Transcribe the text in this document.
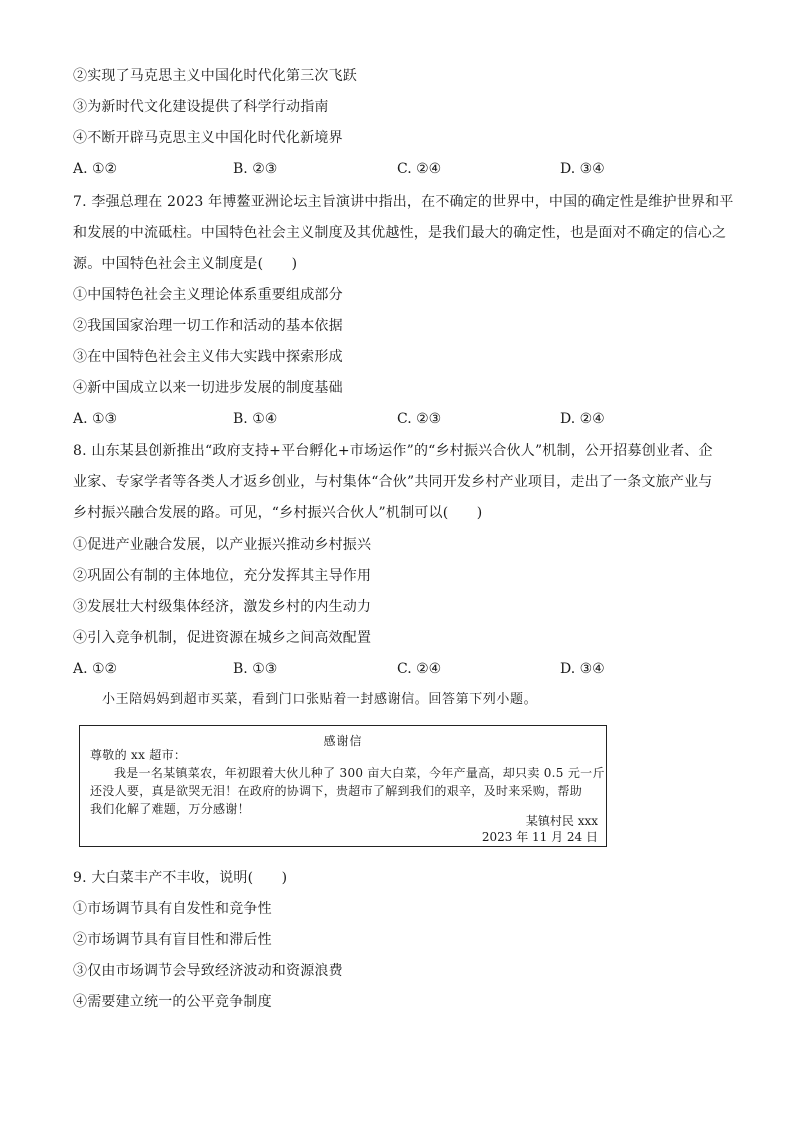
②实现了马克思主义中国化时代化第三次飞跃
③为新时代文化建设提供了科学行动指南
④不断开辟马克思主义中国化时代化新境界
A. ①②	B. ②③	C. ②④	D. ③④
7. 李强总理在 2023 年博鳌亚洲论坛主旨演讲中指出，在不确定的世界中，中国的确定性是维护世界和平
和发展的中流砥柱。中国特色社会主义制度及其优越性，是我们最大的确定性，也是面对不确定的信心之
源。中国特色社会主义制度是(　　)
①中国特色社会主义理论体系重要组成部分
②我国国家治理一切工作和活动的基本依据
③在中国特色社会主义伟大实践中探索形成
④新中国成立以来一切进步发展的制度基础
A. ①③	B. ①④	C. ②③	D. ②④
8. 山东某县创新推出“政府支持+平台孵化+市场运作”的“乡村振兴合伙人”机制，公开招募创业者、企
业家、专家学者等各类人才返乡创业，与村集体“合伙”共同开发乡村产业项目，走出了一条文旅产业与
乡村振兴融合发展的路。可见，“乡村振兴合伙人”机制可以(　　)
①促进产业融合发展，以产业振兴推动乡村振兴
②巩固公有制的主体地位，充分发挥其主导作用
③发展壮大村级集体经济，激发乡村的内生动力
④引入竞争机制，促进资源在城乡之间高效配置
A. ①②	B. ①③	C. ②④	D. ③④
小王陪妈妈到超市买菜，看到门口张贴着一封感谢信。回答第下列小题。
感谢信
尊敬的 xx 超市：
我是一名某镇菜农，年初跟着大伙儿种了 300 亩大白菜，今年产量高，却只卖 0.5 元一斤
还没人要，真是欲哭无泪！在政府的协调下，贵超市了解到我们的艰辛，及时来采购，帮助
我们化解了难题，万分感谢！
某镇村民 xxx
2023 年 11 月 24 日
9. 大白菜丰产不丰收，说明(　　)
①市场调节具有自发性和竞争性
②市场调节具有盲目性和滞后性
③仅由市场调节会导致经济波动和资源浪费
④需要建立统一的公平竞争制度
